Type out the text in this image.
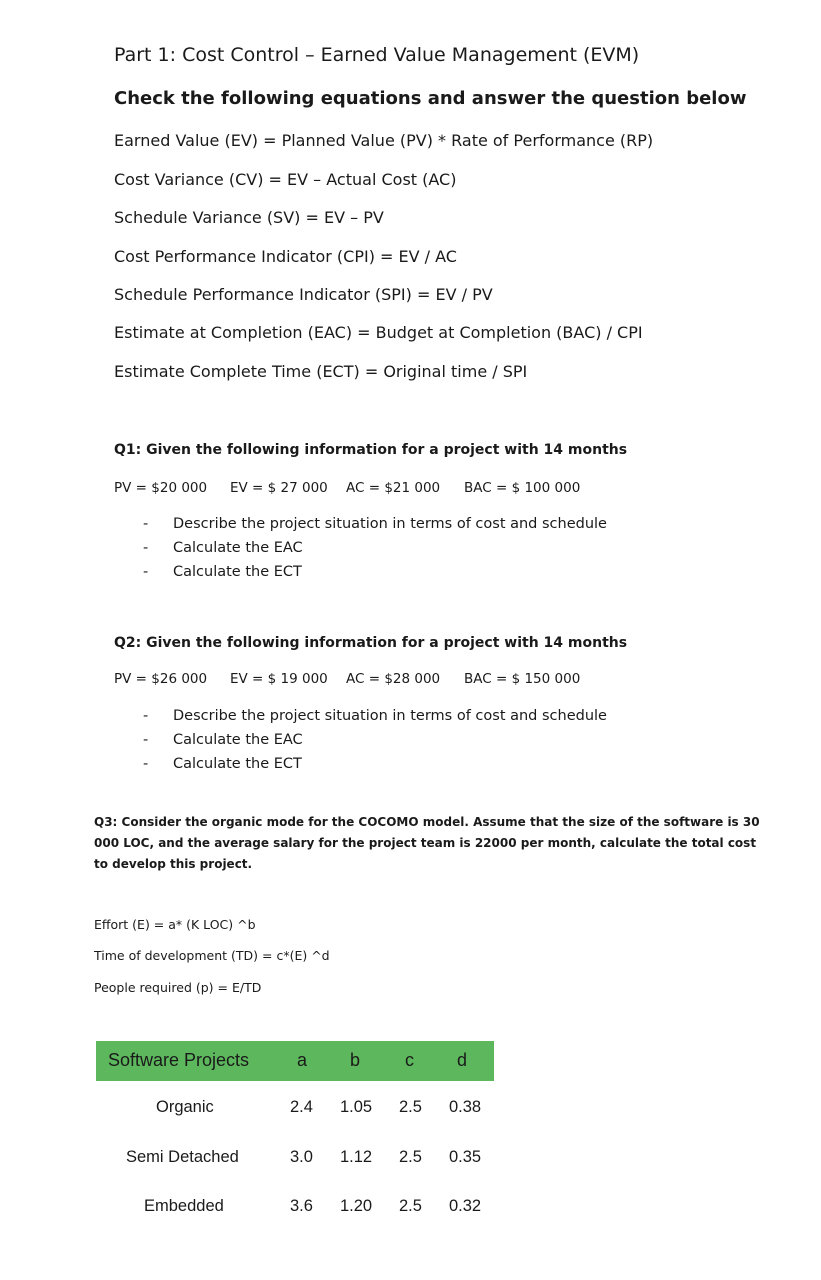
Part 1: Cost Control – Earned Value Management (EVM)
Check the following equations and answer the question below
Earned Value (EV) = Planned Value (PV) * Rate of Performance (RP)
Cost Variance (CV) = EV – Actual Cost (AC)
Schedule Variance (SV) = EV – PV
Cost Performance Indicator (CPI) = EV / AC
Schedule Performance Indicator (SPI) = EV / PV
Estimate at Completion (EAC) = Budget at Completion (BAC) / CPI
Estimate Complete Time (ECT) = Original time / SPI
Q1: Given the following information for a project with 14 months
PV = $20 000 EV = $ 27 000 AC = $21 000 BAC = $ 100 000
-	Describe the project situation in terms of cost and schedule
-	Calculate the EAC
-	Calculate the ECT
Q2: Given the following information for a project with 14 months
PV = $26 000 EV = $ 19 000 AC = $28 000 BAC = $ 150 000
-	Describe the project situation in terms of cost and schedule
-	Calculate the EAC
-	Calculate the ECT
Q3: Consider the organic mode for the COCOMO model. Assume that the size of the software is 30 000 LOC, and the average salary for the project team is 22000 per month, calculate the total cost to develop this project.
Effort (E) = a* (K LOC) ^b
Time of development (TD) = c*(E) ^d
People required (p) = E/TD
Software Projects	a b c d
Organic	2.4 1.05 2.5 0.38
Semi Detached	3.0 1.12 2.5 0.35
Embedded	3.6 1.20 2.5 0.32
